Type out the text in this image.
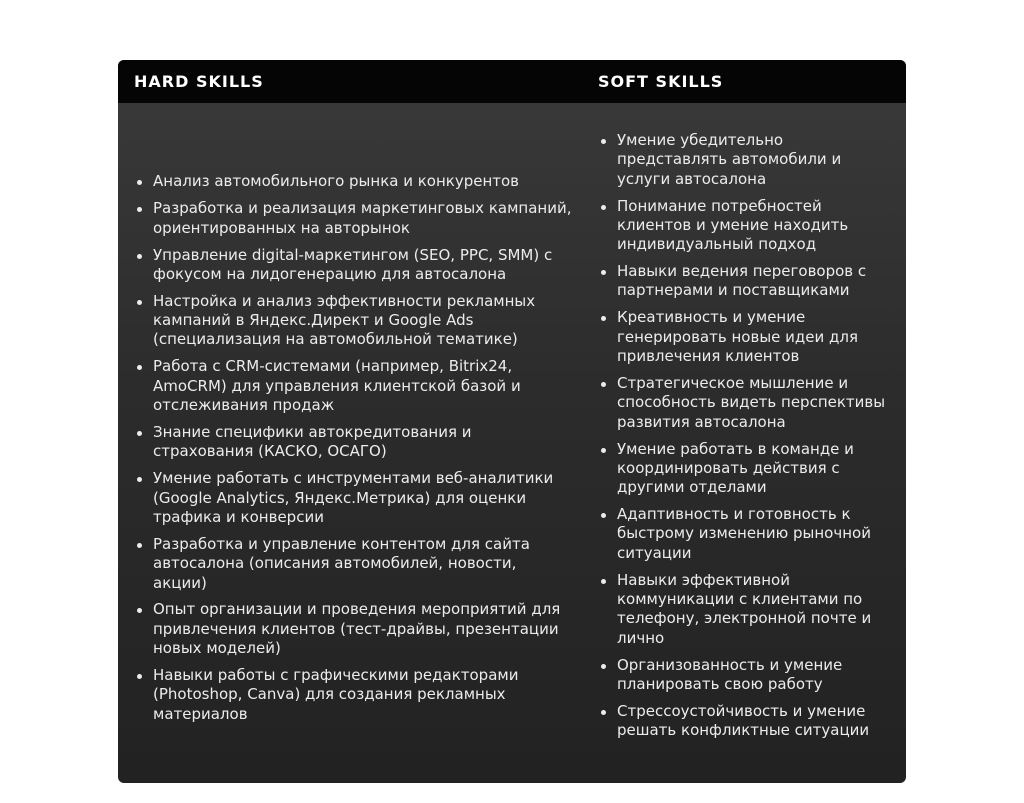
HARD SKILLS	SOFT SKILLS
Анализ автомобильного рынка и конкурентов
Разработка и реализация маркетинговых кампаний, ориентированных на авторынок
Управление digital-маркетингом (SEO, PPC, SMM) с фокусом на лидогенерацию для автосалона
Настройка и анализ эффективности рекламных кампаний в Яндекс.Директ и Google Ads (специализация на автомобильной тематике)
Работа с CRM-системами (например, Bitrix24, AmoCRM) для управления клиентской базой и отслеживания продаж
Знание специфики автокредитования и страхования (КАСКО, ОСАГО)
Умение работать с инструментами веб-аналитики (Google Analytics, Яндекс.Метрика) для оценки трафика и конверсии
Разработка и управление контентом для сайта автосалона (описания автомобилей, новости, акции)
Опыт организации и проведения мероприятий для привлечения клиентов (тест-драйвы, презентации новых моделей)
Навыки работы с графическими редакторами (Photoshop, Canva) для создания рекламных материалов
Умение убедительно представлять автомобили и услуги автосалона
Понимание потребностей клиентов и умение находить индивидуальный подход
Навыки ведения переговоров с партнерами и поставщиками
Креативность и умение генерировать новые идеи для привлечения клиентов
Стратегическое мышление и способность видеть перспективы развития автосалона
Умение работать в команде и координировать действия с другими отделами
Адаптивность и готовность к быстрому изменению рыночной ситуации
Навыки эффективной коммуникации с клиентами по телефону, электронной почте и лично
Организованность и умение планировать свою работу
Стрессоустойчивость и умение решать конфликтные ситуации
